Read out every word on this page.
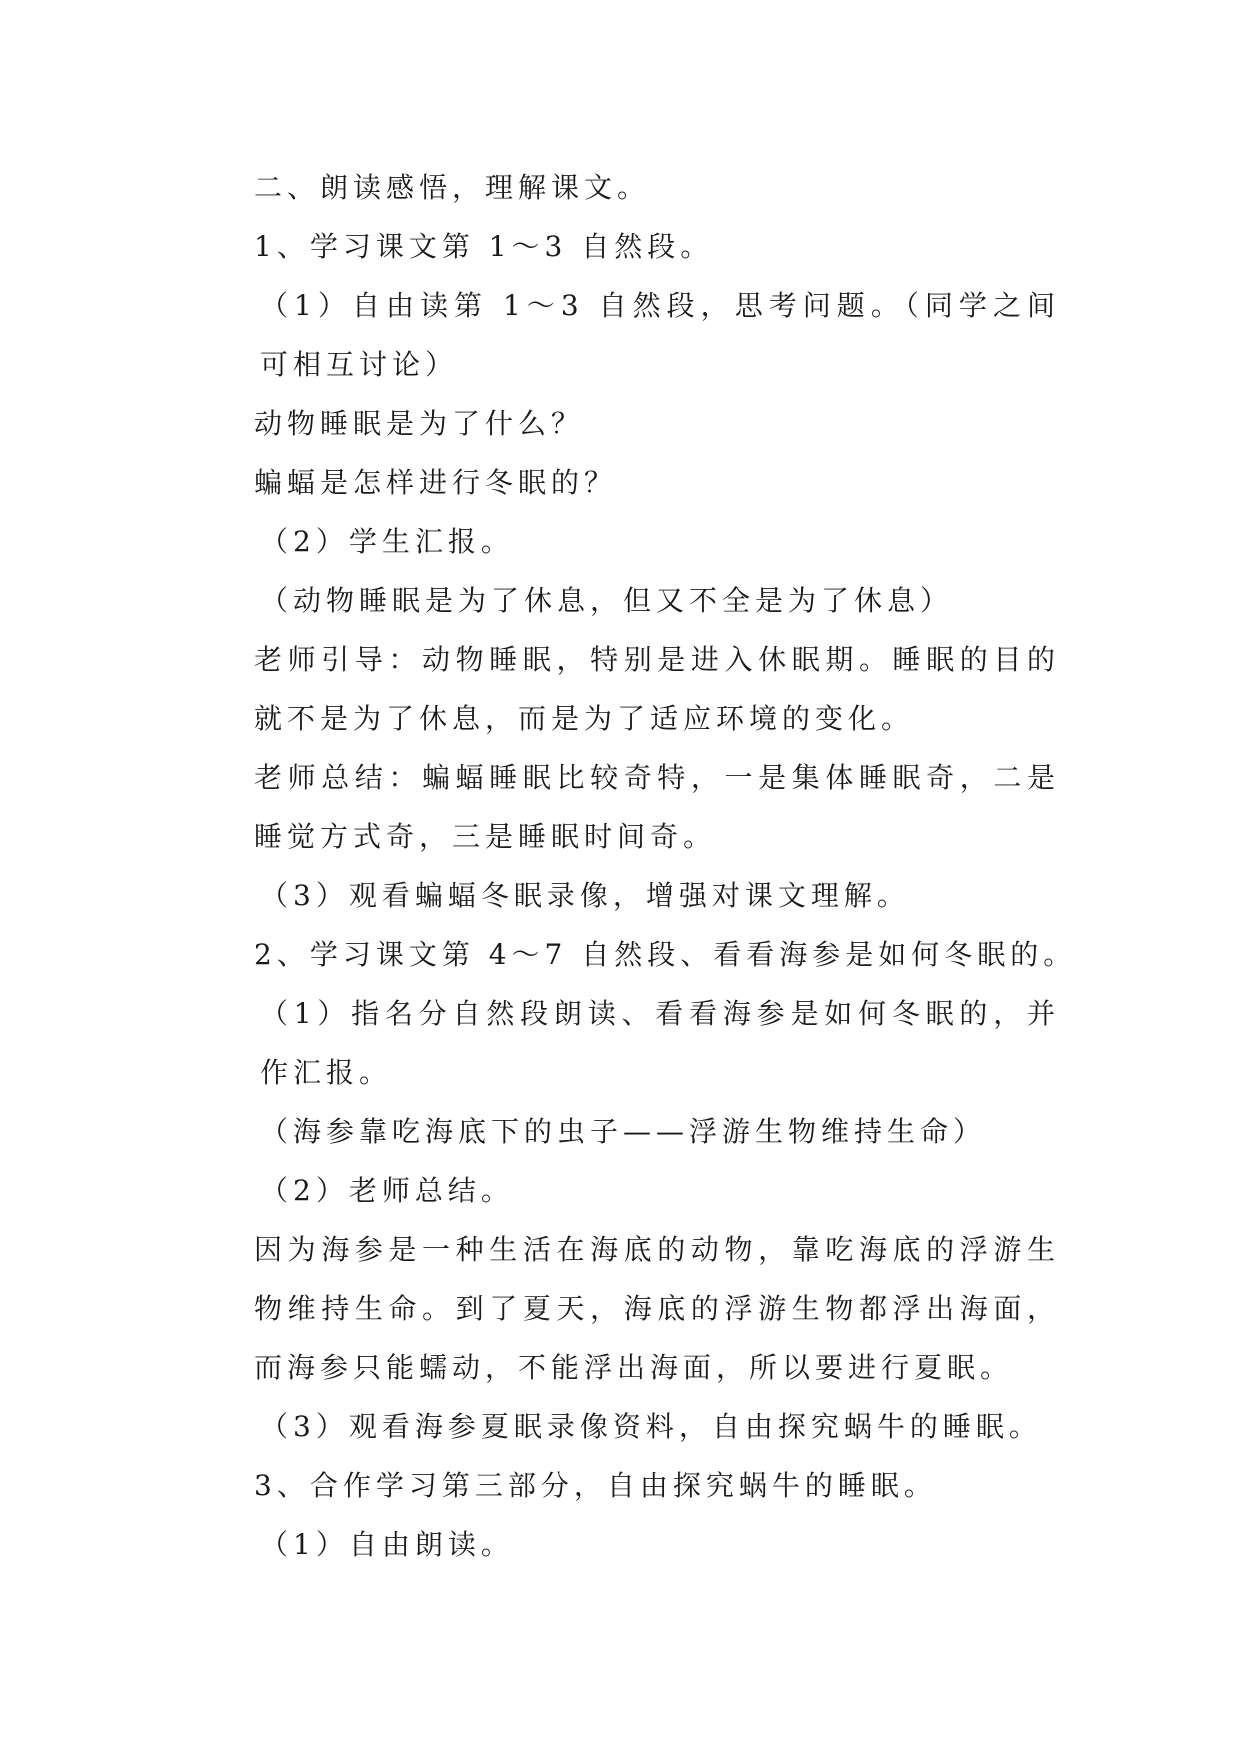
二、朗读感悟，理解课文。

1、学习课文第 1～3 自然段。

（1）自由读第 1～3 自然段，思考问题。（同学之间可相互讨论）

动物睡眠是为了什么？

蝙蝠是怎样进行冬眠的？

（2）学生汇报。

（动物睡眠是为了休息，但又不全是为了休息）

老师引导：动物睡眠，特别是进入休眠期。睡眠的目的就不是为了休息，而是为了适应环境的变化。

老师总结：蝙蝠睡眠比较奇特，一是集体睡眠奇，二是睡觉方式奇，三是睡眠时间奇。

（3）观看蝙蝠冬眠录像，增强对课文理解。

2、学习课文第 4～7 自然段、看看海参是如何冬眠的。

（1）指名分自然段朗读、看看海参是如何冬眠的，并作汇报。

（海参靠吃海底下的虫子——浮游生物维持生命）

（2）老师总结。

因为海参是一种生活在海底的动物，靠吃海底的浮游生物维持生命。到了夏天，海底的浮游生物都浮出海面，而海参只能蠕动，不能浮出海面，所以要进行夏眠。

（3）观看海参夏眠录像资料，自由探究蜗牛的睡眠。

3、合作学习第三部分，自由探究蜗牛的睡眠。

（1）自由朗读。
